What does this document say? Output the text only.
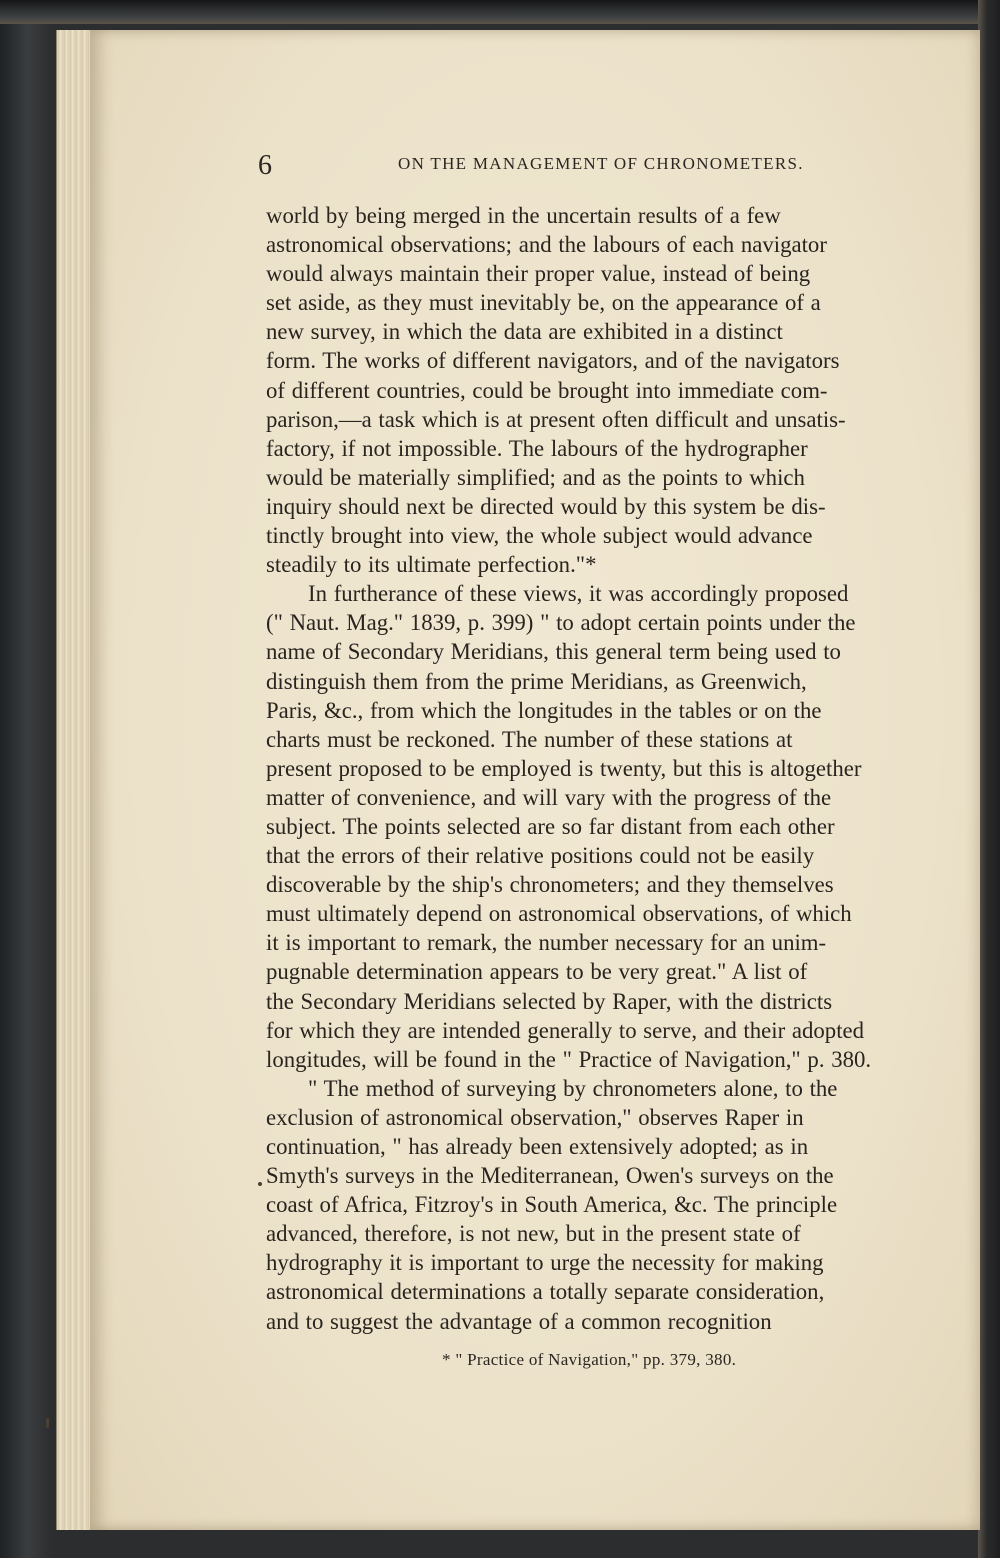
6	ON THE MANAGEMENT OF CHRONOMETERS.
world by being merged in the uncertain results of a few
astronomical observations; and the labours of each navigator
would always maintain their proper value, instead of being
set aside, as they must inevitably be, on the appearance of a
new survey, in which the data are exhibited in a distinct
form. The works of different navigators, and of the navigators
of different countries, could be brought into immediate com-
parison,—a task which is at present often difficult and unsatis-
factory, if not impossible. The labours of the hydrographer
would be materially simplified; and as the points to which
inquiry should next be directed would by this system be dis-
tinctly brought into view, the whole subject would advance
steadily to its ultimate perfection."*
In furtherance of these views, it was accordingly proposed
(" Naut. Mag." 1839, p. 399) " to adopt certain points under the
name of Secondary Meridians, this general term being used to
distinguish them from the prime Meridians, as Greenwich,
Paris, &c., from which the longitudes in the tables or on the
charts must be reckoned. The number of these stations at
present proposed to be employed is twenty, but this is altogether
matter of convenience, and will vary with the progress of the
subject. The points selected are so far distant from each other
that the errors of their relative positions could not be easily
discoverable by the ship's chronometers; and they themselves
must ultimately depend on astronomical observations, of which
it is important to remark, the number necessary for an unim-
pugnable determination appears to be very great." A list of
the Secondary Meridians selected by Raper, with the districts
for which they are intended generally to serve, and their adopted
longitudes, will be found in the " Practice of Navigation," p. 380.
" The method of surveying by chronometers alone, to the
exclusion of astronomical observation," observes Raper in
continuation, " has already been extensively adopted; as in
Smyth's surveys in the Mediterranean, Owen's surveys on the
coast of Africa, Fitzroy's in South America, &c. The principle
advanced, therefore, is not new, but in the present state of
hydrography it is important to urge the necessity for making
astronomical determinations a totally separate consideration,
and to suggest the advantage of a common recognition
* " Practice of Navigation," pp. 379, 380.
